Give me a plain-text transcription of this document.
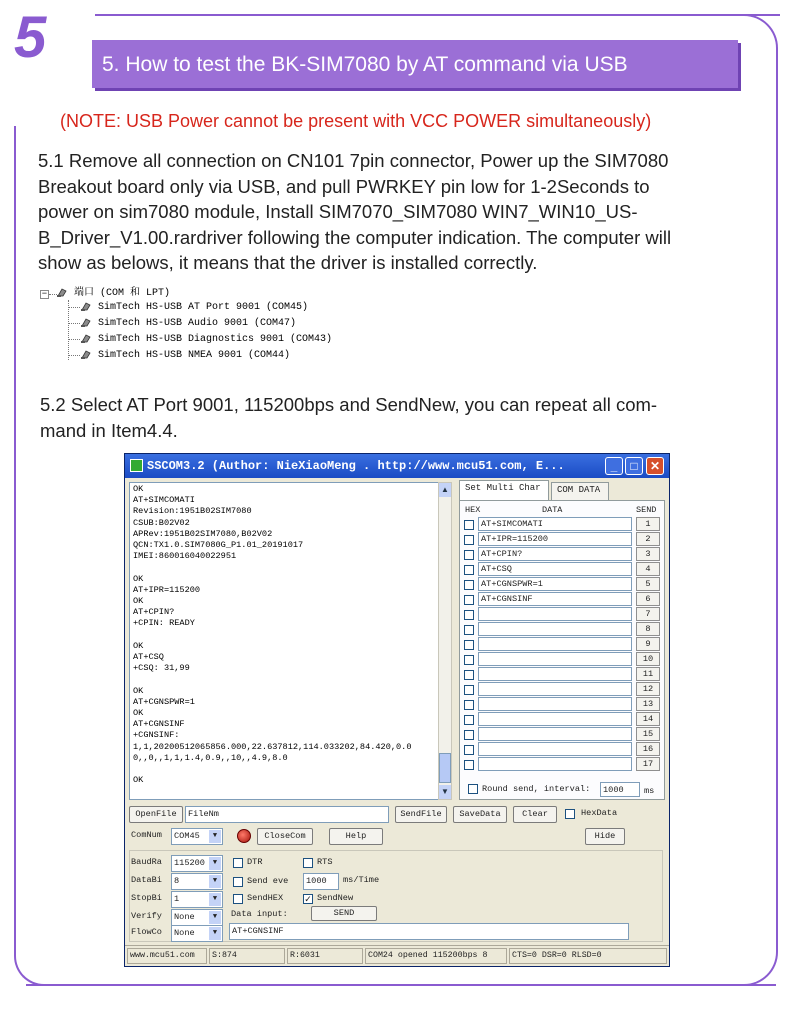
5	5. How to test the BK-SIM7080 by AT command via USB
(NOTE: USB Power cannot be present with VCC POWER simultaneously)
5.1 Remove all connection on CN101 7pin connector, Power up the SIM7080
Breakout board only via USB, and pull PWRKEY pin low for 1-2Seconds to
power on sim7080 module, Install SIM7070_SIM7080 WIN7_WIN10_US-
B_Driver_V1.00.rardriver following the computer indication. The computer will
show as belows, it means that the driver is installed correctly.
−	端口 (COM 和 LPT)
SimTech HS-USB AT Port 9001 (COM45)
SimTech HS-USB Audio 9001 (COM47)
SimTech HS-USB Diagnostics 9001 (COM43)
SimTech HS-USB NMEA 9001 (COM44)
5.2 Select AT Port 9001, 115200bps and SendNew, you can repeat all com-
mand in Item4.4.
SSCOM3.2 (Author: NieXiaoMeng . http://www.mcu51.com, E...	_	□	✕
OK
AT+SIMCOMATI
Revision:1951B02SIM7080
CSUB:B02V02
APRev:1951B02SIM7080,B02V02
QCN:TX1.0.SIM7080G_P1.01_20191017
IMEI:860016040022951

OK
AT+IPR=115200
OK
AT+CPIN?
+CPIN: READY

OK
AT+CSQ
+CSQ: 31,99

OK
AT+CGNSPWR=1
OK
AT+CGNSINF
+CGNSINF:
1,1,20200512065856.000,22.637812,114.033202,84.420,0.0
0,,0,,1,1,1.4,0.9,,10,,4.9,8.0

OK
▲
▼
Set Multi Char	COM DATA
HEX	DATA	SEND
AT+SIMCOMATI	1
AT+IPR=115200	2
AT+CPIN?	3
AT+CSQ	4
AT+CGNSPWR=1	5
AT+CGNSINF	6
7
8
9
10
11
12
13
14
15
16
17
Round send, interval:	1000	ms
OpenFile	FileNm	SendFile	SaveData	Clear	HexData
ComNum	COM45	▼	CloseCom	Help	Hide
BaudRa	115200	▼
DataBi	8	▼
StopBi	1	▼
Verify	None	▼
FlowCo	None	▼
DTR	RTS
Send eve	1000	ms/Time
SendHEX ✓ SendNew
Data input:	SEND
AT+CGNSINF
www.mcu51.com	S:874	R:6031	COM24 opened 115200bps 8	CTS=0 DSR=0 RLSD=0
